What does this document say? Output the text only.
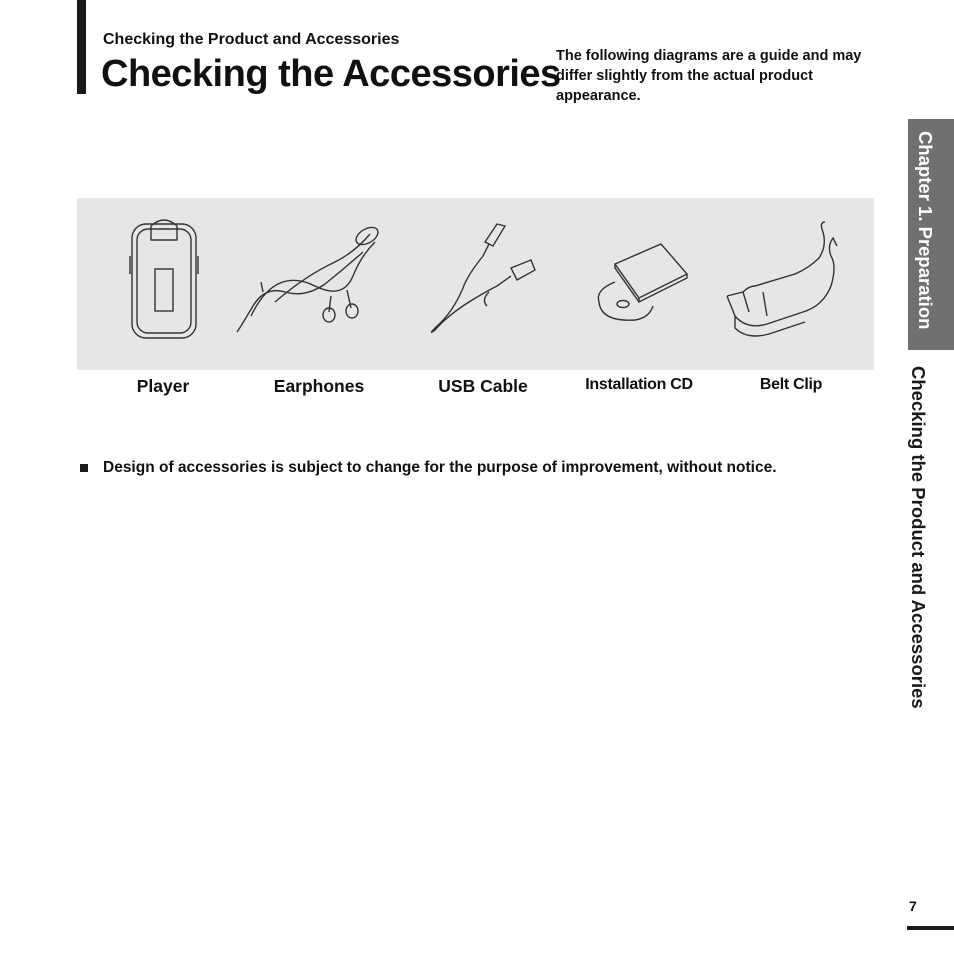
Checking the Product and Accessories
Checking the Accessories
The following diagrams are a guide and may differ slightly from the actual product appearance.
Player	Earphones	USB Cable	Installation CD	Belt Clip
Design of accessories is subject to change for the purpose of improvement, without notice.
Chapter 1. Preparation
Checking the Product and Accessories
7
